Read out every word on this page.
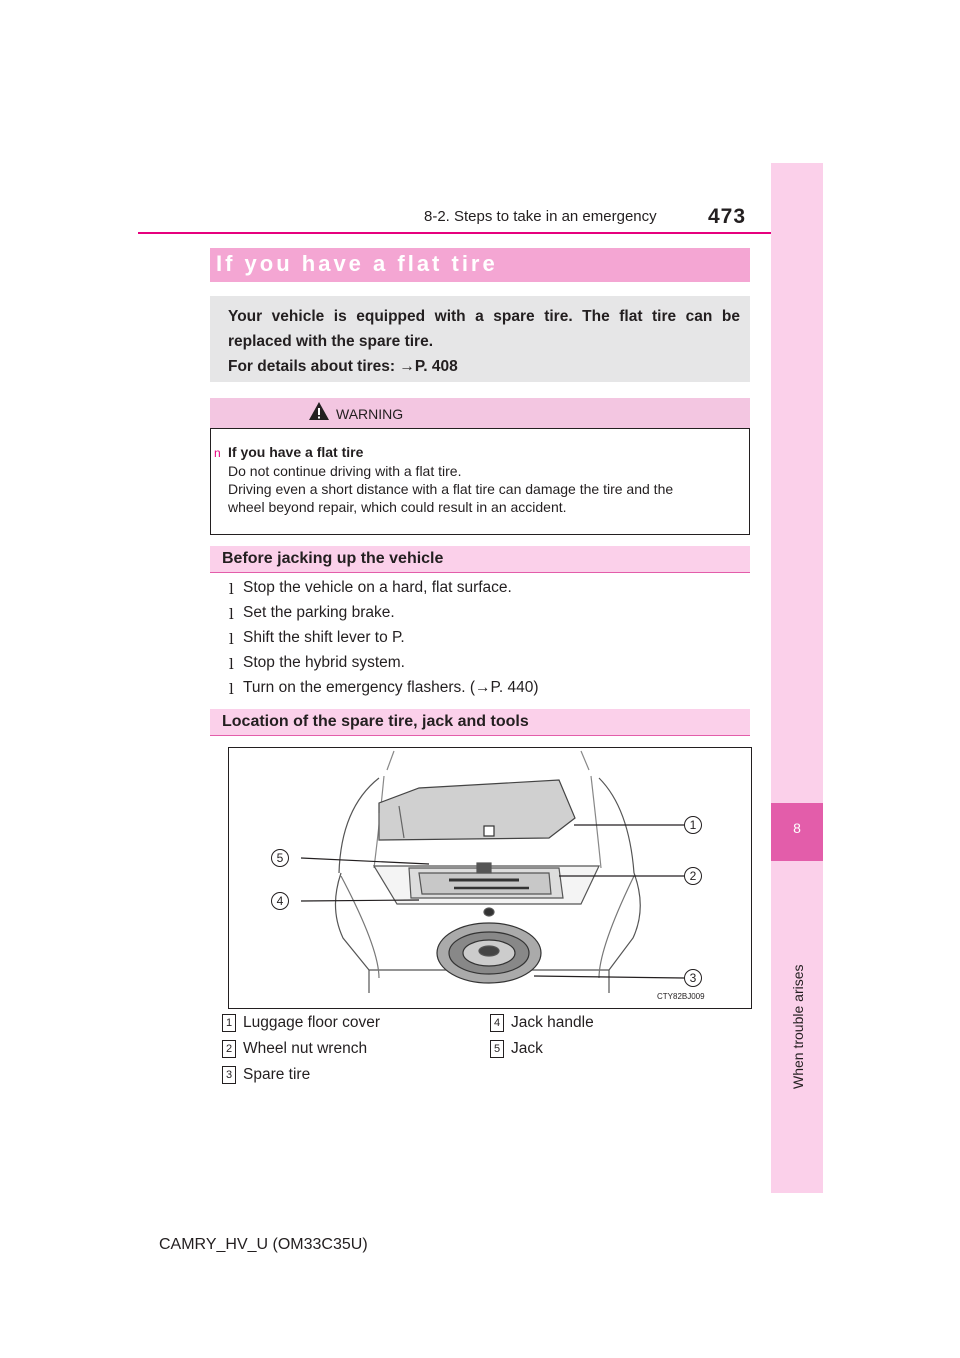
8-2. Steps to take in an emergency 473
8
When trouble arises
If you have a flat tire
Your vehicle is equipped with a spare tire. The flat tire can be
replaced with the spare tire.
For details about tires: →P. 408
WARNING
n If you have a flat tire
Do not continue driving with a flat tire.
Driving even a short distance with a flat tire can damage the tire and the
wheel beyond repair, which could result in an accident.
Before jacking up the vehicle
l Stop the vehicle on a hard, flat surface.
l Set the parking brake.
l Shift the shift lever to P.
l Stop the hybrid system.
l Turn on the emergency flashers. (→P. 440)
Location of the spare tire, jack and tools
1
2
3
4
5
CTY82BJ009
1 Luggage floor cover
2 Wheel nut wrench
3 Spare tire
4 Jack handle
5 Jack
CAMRY_HV_U (OM33C35U)
